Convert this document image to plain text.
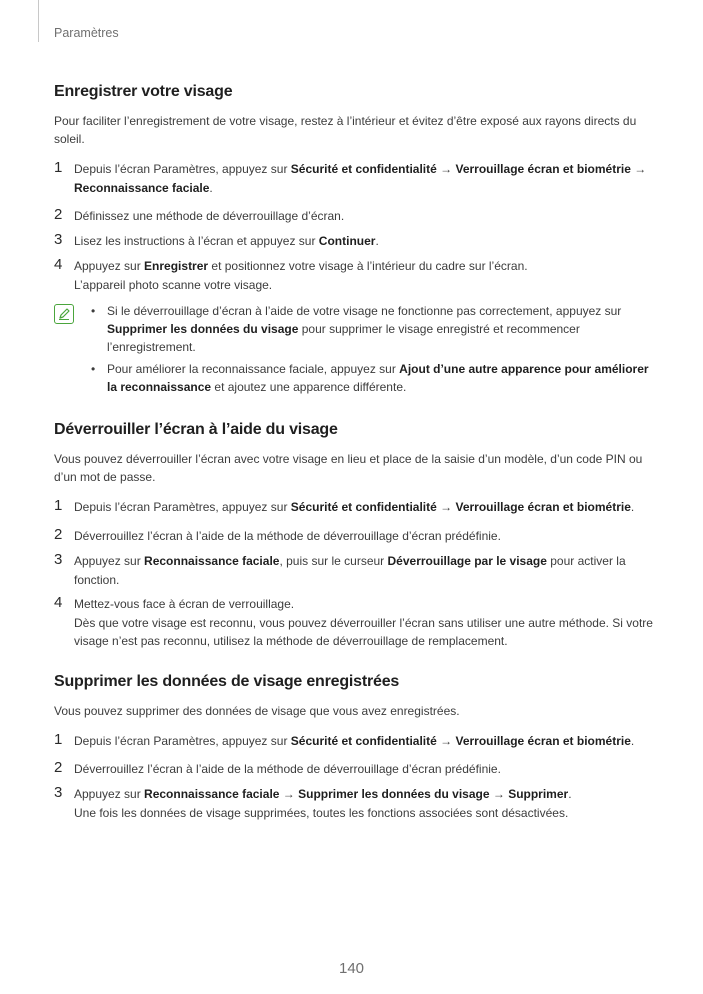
Paramètres
Enregistrer votre visage

Pour faciliter l’enregistrement de votre visage, restez à l’intérieur et évitez d’être exposé aux rayons directs du soleil.

1 Depuis l’écran Paramètres, appuyez sur Sécurité et confidentialité → Verrouillage écran et biométrie → Reconnaissance faciale.
2 Définissez une méthode de déverrouillage d’écran.
3 Lisez les instructions à l’écran et appuyez sur Continuer.
4 Appuyez sur Enregistrer et positionnez votre visage à l’intérieur du cadre sur l’écran.
L’appareil photo scanne votre visage.
• Si le déverrouillage d’écran à l’aide de votre visage ne fonctionne pas correctement, appuyez sur Supprimer les données du visage pour supprimer le visage enregistré et recommencer l’enregistrement.
• Pour améliorer la reconnaissance faciale, appuyez sur Ajout d’une autre apparence pour améliorer la reconnaissance et ajoutez une apparence différente.
Déverrouiller l’écran à l’aide du visage

Vous pouvez déverrouiller l’écran avec votre visage en lieu et place de la saisie d’un modèle, d’un code PIN ou d’un mot de passe.

1 Depuis l’écran Paramètres, appuyez sur Sécurité et confidentialité → Verrouillage écran et biométrie.
2 Déverrouillez l’écran à l’aide de la méthode de déverrouillage d’écran prédéfinie.
3 Appuyez sur Reconnaissance faciale, puis sur le curseur Déverrouillage par le visage pour activer la fonction.
4 Mettez-vous face à écran de verrouillage.
Dès que votre visage est reconnu, vous pouvez déverrouiller l’écran sans utiliser une autre méthode. Si votre visage n’est pas reconnu, utilisez la méthode de déverrouillage de remplacement.
Supprimer les données de visage enregistrées

Vous pouvez supprimer des données de visage que vous avez enregistrées.

1 Depuis l’écran Paramètres, appuyez sur Sécurité et confidentialité → Verrouillage écran et biométrie.
2 Déverrouillez l’écran à l’aide de la méthode de déverrouillage d’écran prédéfinie.
3 Appuyez sur Reconnaissance faciale → Supprimer les données du visage → Supprimer.
Une fois les données de visage supprimées, toutes les fonctions associées sont désactivées.
140
